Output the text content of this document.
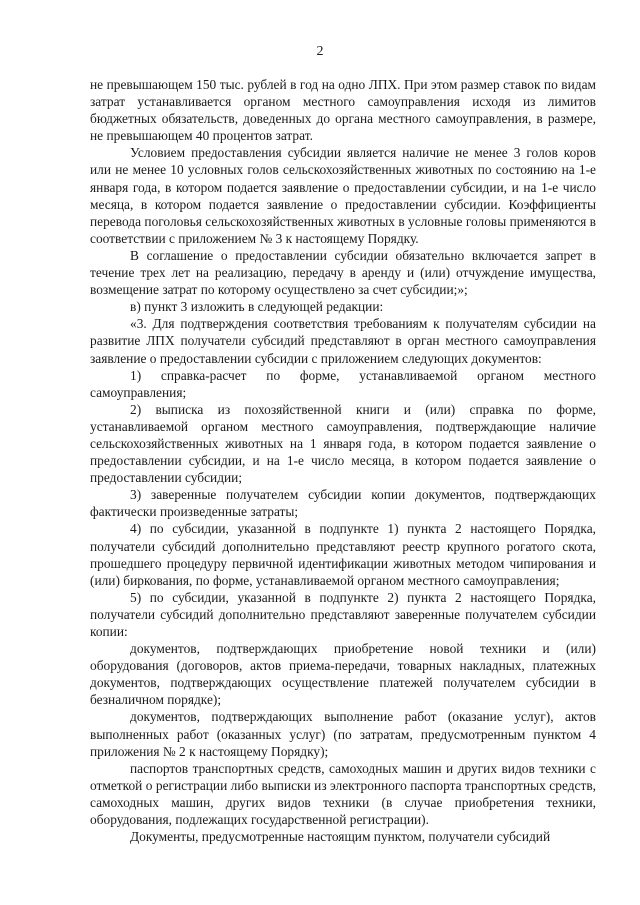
2

не превышающем 150 тыс. рублей в год на одно ЛПХ. При этом размер ставок по видам затрат устанавливается органом местного самоуправления исходя из лимитов бюджетных обязательств, доведенных до органа местного самоуправления, в размере, не превышающем 40 процентов затрат.

Условием предоставления субсидии является наличие не менее 3 голов коров или не менее 10 условных голов сельскохозяйственных животных по состоянию на 1-е января года, в котором подается заявление о предоставлении субсидии, и на 1-е число месяца, в котором подается заявление о предоставлении субсидии. Коэффициенты перевода поголовья сельскохозяйственных животных в условные головы применяются в соответствии с приложением № 3 к настоящему Порядку.

В соглашение о предоставлении субсидии обязательно включается запрет в течение трех лет на реализацию, передачу в аренду и (или) отчуждение имущества, возмещение затрат по которому осуществлено за счет субсидии;»;

в) пункт 3 изложить в следующей редакции:

«3. Для подтверждения соответствия требованиям к получателям субсидии на развитие ЛПХ получатели субсидий представляют в орган местного самоуправления заявление о предоставлении субсидии с приложением следующих документов:

1) справка-расчет по форме, устанавливаемой органом местного самоуправления;

2) выписка из похозяйственной книги и (или) справка по форме, устанавливаемой органом местного самоуправления, подтверждающие наличие сельскохозяйственных животных на 1 января года, в котором подается заявление о предоставлении субсидии, и на 1-е число месяца, в котором подается заявление о предоставлении субсидии;

3) заверенные получателем субсидии копии документов, подтверждающих фактически произведенные затраты;

4) по субсидии, указанной в подпункте 1) пункта 2 настоящего Порядка, получатели субсидий дополнительно представляют реестр крупного рогатого скота, прошедшего процедуру первичной идентификации животных методом чипирования и (или) биркования, по форме, устанавливаемой органом местного самоуправления;

5) по субсидии, указанной в подпункте 2) пункта 2 настоящего Порядка, получатели субсидий дополнительно представляют заверенные получателем субсидии копии:

документов, подтверждающих приобретение новой техники и (или) оборудования (договоров, актов приема-передачи, товарных накладных, платежных документов, подтверждающих осуществление платежей получателем субсидии в безналичном порядке);

документов, подтверждающих выполнение работ (оказание услуг), актов выполненных работ (оказанных услуг) (по затратам, предусмотренным пунктом 4 приложения № 2 к настоящему Порядку);

паспортов транспортных средств, самоходных машин и других видов техники с отметкой о регистрации либо выписки из электронного паспорта транспортных средств, самоходных машин, других видов техники (в случае приобретения техники, оборудования, подлежащих государственной регистрации).

Документы, предусмотренные настоящим пунктом, получатели субсидий
